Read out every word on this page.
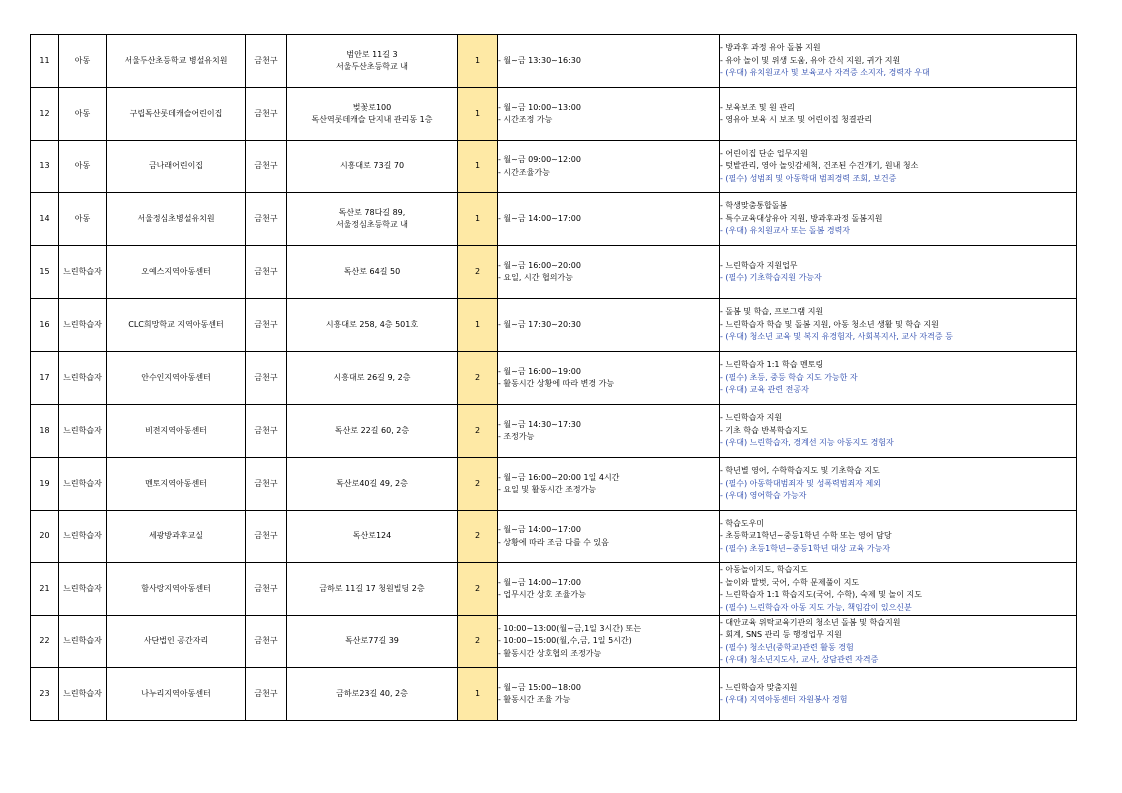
11	아동	서울두산초등학교 병설유치원	금천구	범안로 11길 3
서울두산초등학교 내	1	- 월~금 13:30~16:30	- 방과후 과정 유아 돌봄 지원
- 유아 놀이 및 위생 도움, 유아 간식 지원, 귀가 지원
- (우대) 유치원교사 및 보육교사 자격증 소지자, 경력자 우대

12	아동	구립독산롯데캐슬어린이집	금천구	벚꽃로100
독산역롯데캐슬 단지내 관리동 1층	1	- 월~금 10:00~13:00
- 시간조정 가능	- 보육보조 및 원 관리
- 영유아 보육 시 보조 및 어린이집 청결관리

13	아동	금나래어린이집	금천구	시흥대로 73길 70	1	- 월~금 09:00~12:00
- 시간조율가능	- 어린이집 단순 업무지원
- 텃밭관리, 영아 놀잇감세척, 건조된 수건개기, 원내 청소
- (필수) 성범죄 및 아동학대 범죄경력 조회, 보건증

14	아동	서울정심초병설유치원	금천구	독산로 78다길 89,
서울정심초등학교 내	1	- 월~금 14:00~17:00	- 학생맞춤통합돌봄
- 특수교육대상유아 지원, 방과후과정 돌봄지원
- (우대) 유치원교사 또는 돌봄 경력자

15	느린학습자	오예스지역아동센터	금천구	독산로 64길 50	2	- 월~금 16:00~20:00
- 요일, 시간 협의가능	- 느린학습자 지원업무
- (필수) 기초학습지원 가능자

16	느린학습자	CLC희망학교 지역아동센터	금천구	시흥대로 258, 4층 501호	1	- 월~금 17:30~20:30	- 돌봄 및 학습, 프로그램 지원
- 느린학습자 학습 및 돌봄 지원, 아동 청소년 생활 및 학습 지원
- (우대) 청소년 교육 및 복지 유경험자, 사회복지사, 교사 자격증 등

17	느린학습자	안수인지역아동센터	금천구	시흥대로 26길 9, 2층	2	- 월~금 16:00~19:00
- 활동시간 상황에 따라 변경 가능	- 느린학습자 1:1 학습 멘토링
- (필수) 초등, 중등 학습 지도 가능한 자
- (우대) 교육 관련 전공자

18	느린학습자	비전지역아동센터	금천구	독산로 22길 60, 2층	2	- 월~금 14:30~17:30
- 조정가능	- 느린학습자 지원
- 기초 학습 반복학습지도
- (우대) 느린학습자, 경계선 지능 아동지도 경험자

19	느린학습자	멘토지역아동센터	금천구	독산로40길 49, 2층	2	- 월~금 16:00~20:00 1일 4시간
- 요일 및 활동시간 조정가능	- 학년별 영어, 수학학습지도 및 기초학습 지도
- (필수) 아동학대범죄자 및 성폭력범죄자 제외
- (우대) 영어학습 가능자

20	느린학습자	세광방과후교실	금천구	독산로124	2	- 월~금 14:00~17:00
- 상황에 따라 조금 다를 수 있음	- 학습도우미
- 초등학교1학년~중등1학년 수학 또는 영어 담당
- (필수) 초등1학년~중등1학년 대상 교육 가능자

21	느린학습자	함사랑지역아동센터	금천구	금하로 11길 17 청원빌딩 2층	2	- 월~금 14:00~17:00
- 업무시간 상호 조율가능	- 아동놀이지도, 학습지도
- 놀이와 말벗, 국어, 수학 문제풀이 지도
- 느린학습자 1:1 학습지도(국어, 수학), 숙제 및 놀이 지도
- (필수) 느린학습자 아동 지도 가능, 책임감이 있으신분

22	느린학습자	사단법인 공간자리	금천구	독산로77길 39	2	- 10:00~13:00(월~금,1일 3시간) 또는
- 10:00~15:00(월,수,금, 1일 5시간)
- 활동시간 상호협의 조정가능	- 대안교육 위탁교육기관의 청소년 돌봄 및 학습지원
- 회계, SNS 관리 등 행정업무 지원
- (필수) 청소년(중학교)관련 활동 경험
- (우대) 청소년지도사, 교사, 상담관련 자격증

23	느린학습자	나누리지역아동센터	금천구	금하로23길 40, 2층	1	- 월~금 15:00~18:00
- 활동시간 조율 가능	- 느린학습자 맞춤지원
- (우대) 지역아동센터 자원봉사 경험
